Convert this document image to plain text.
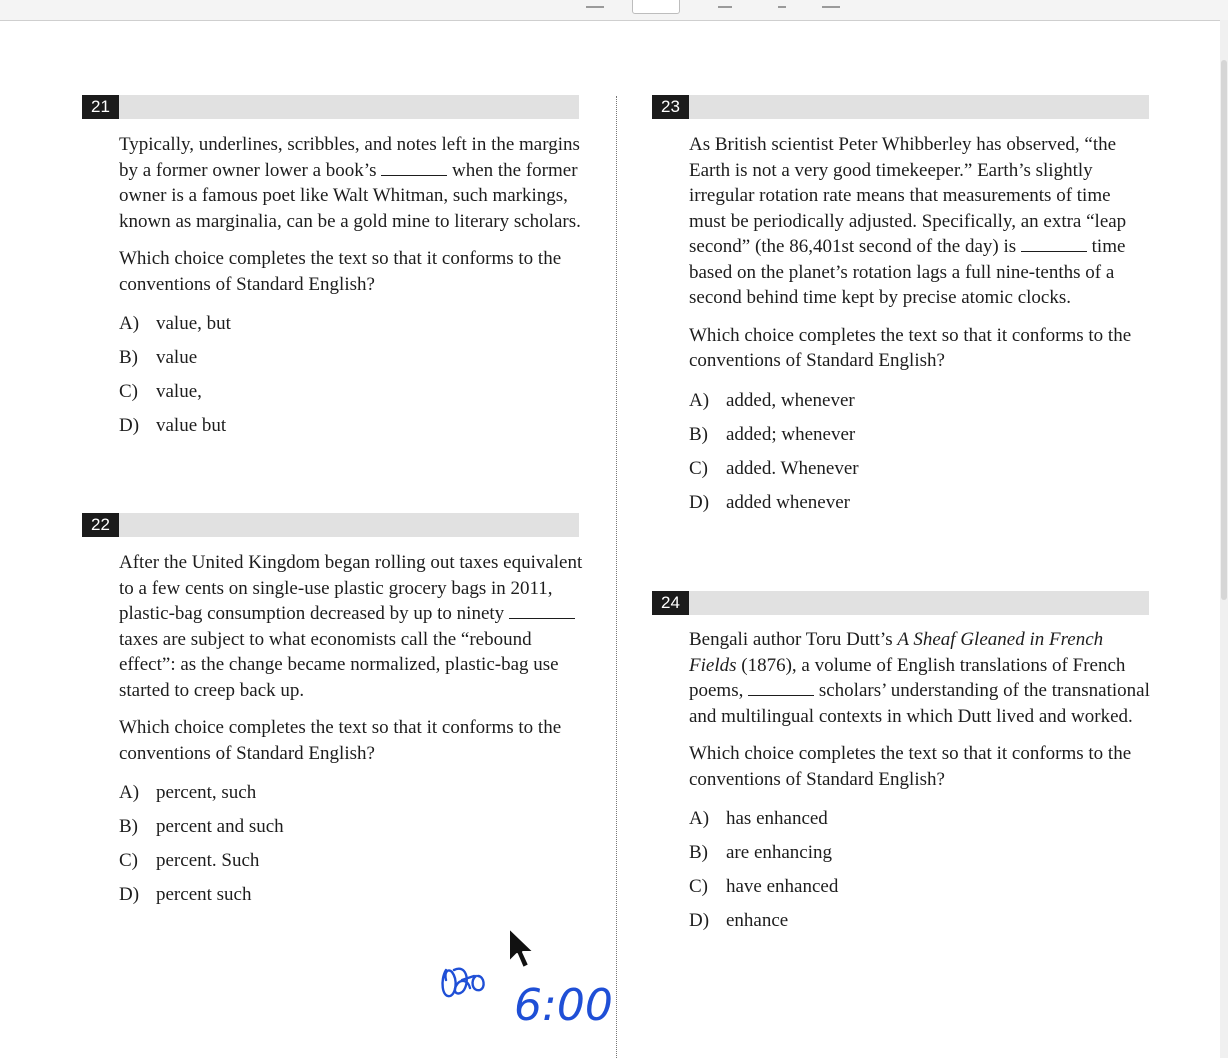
21

Typically, underlines, scribbles, and notes left in the margins by a former owner lower a book’s	when the former owner is a famous poet like Walt Whitman, such markings, known as marginalia, can be a gold mine to literary scholars.

Which choice completes the text so that it conforms to the conventions of Standard English?

A) value, but
B) value
C) value,
D) value but
22

After the United Kingdom began rolling out taxes equivalent to a few cents on single-use plastic grocery bags in 2011, plastic-bag consumption decreased by up to ninety  taxes are subject to what economists call the “rebound effect”: as the change became normalized, plastic-bag use started to creep back up.

Which choice completes the text so that it conforms to the conventions of Standard English?

A) percent, such
B) percent and such
C) percent. Such
D) percent such
23

As British scientist Peter Whibberley has observed, “the Earth is not a very good timekeeper.” Earth’s slightly irregular rotation rate means that measurements of time must be periodically adjusted. Specifically, an extra “leap second” (the 86,401st second of the day) is	time based on the planet’s rotation lags a full nine-tenths of a second behind time kept by precise atomic clocks.

Which choice completes the text so that it conforms to the conventions of Standard English?

A) added, whenever
B) added; whenever
C) added. Whenever
D) added whenever
24

Bengali author Toru Dutt’s A Sheaf Gleaned in French Fields (1876), a volume of English translations of French poems,	scholars’ understanding of the transnational and multilingual contexts in which Dutt lived and worked.

Which choice completes the text so that it conforms to the conventions of Standard English?

A) has enhanced
B) are enhancing
C) have enhanced
D) enhance
6:00
